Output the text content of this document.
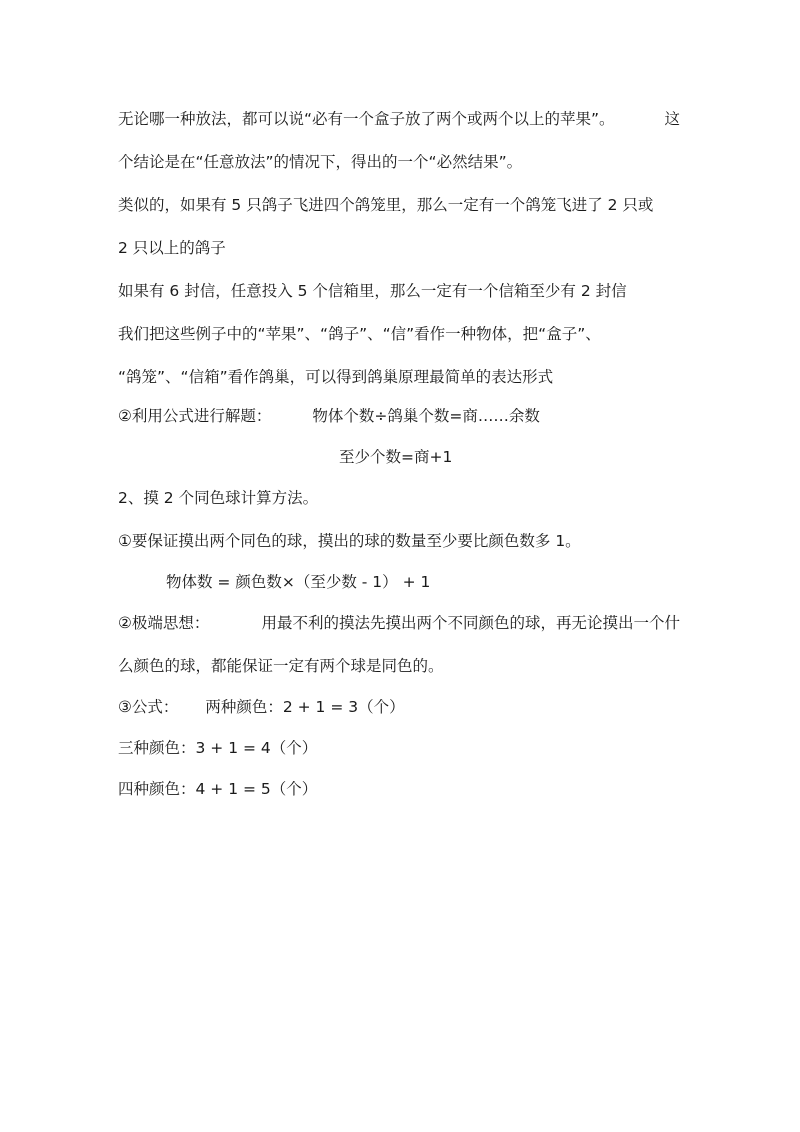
无论哪一种放法，都可以说“必有一个盒子放了两个或两个以上的苹果”。	这
个结论是在“任意放法”的情况下，得出的一个“必然结果”。
类似的，如果有 5 只鸽子飞进四个鸽笼里，那么一定有一个鸽笼飞进了 2 只或
2 只以上的鸽子
如果有 6 封信，任意投入 5 个信箱里，那么一定有一个信箱至少有 2 封信
我们把这些例子中的“苹果”、“鸽子”、“信”看作一种物体，把“盒子”、
“鸽笼”、“信箱”看作鸽巢，可以得到鸽巢原理最简单的表达形式
②利用公式进行解题：	物体个数÷鸽巢个数=商……余数
至少个数=商+1
2、摸 2 个同色球计算方法。
①要保证摸出两个同色的球，摸出的球的数量至少要比颜色数多 1。
物体数 = 颜色数×（至少数 - 1） + 1
②极端思想：	用最不利的摸法先摸出两个不同颜色的球，再无论摸出一个什
么颜色的球，都能保证一定有两个球是同色的。
③公式： 两种颜色：2 + 1 = 3（个）
三种颜色：3 + 1 = 4（个）
四种颜色：4 + 1 = 5（个）
